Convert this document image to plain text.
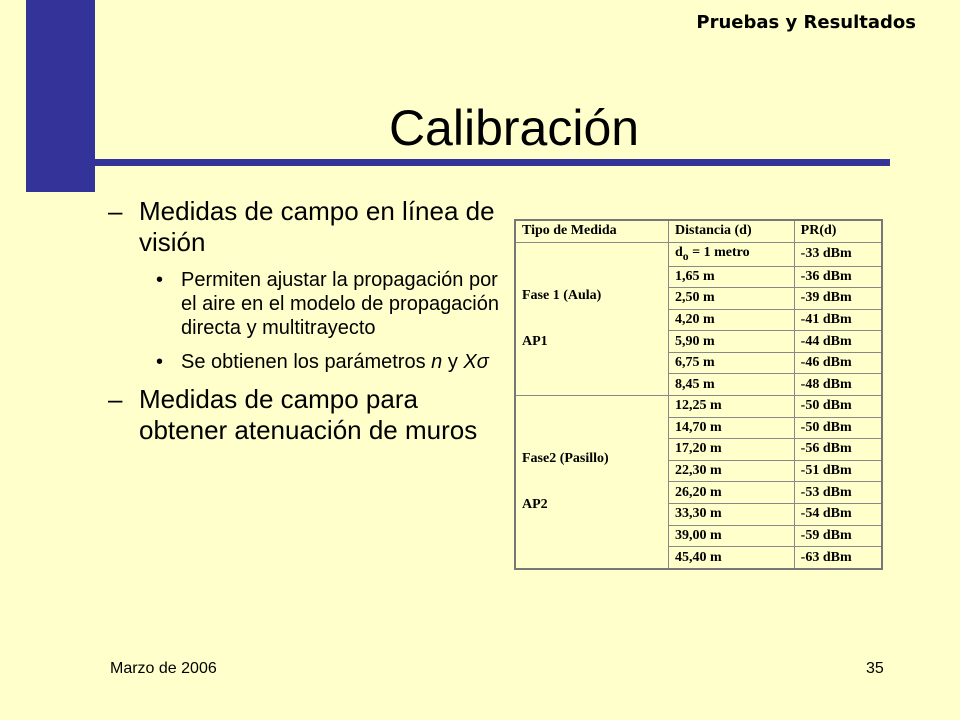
Pruebas y Resultados
Calibración
– Medidas de campo en línea de visión
• Permiten ajustar la propagación por el aire en el modelo de propagación directa y multitrayecto
• Se obtienen los parámetros n y Xσ
– Medidas de campo para obtener atenuación de muros
Tipo de Medida	Distancia (d)	PR(d)

Fase 1 (Aula)
AP1	$d_o = 1$ metro	-33 dBm
	1,65 m	-36 dBm
	2,50 m	-39 dBm
	4,20 m	-41 dBm
	5,90 m	-44 dBm
	6,75 m	-46 dBm
	8,45 m	-48 dBm

Fase2 (Pasillo)
AP2	12,25 m	-50 dBm
	14,70 m	-50 dBm
	17,20 m	-56 dBm
	22,30 m	-51 dBm
	26,20 m	-53 dBm
	33,30 m	-54 dBm
	39,00 m	-59 dBm
	45,40 m	-63 dBm
Marzo de 2006	35
